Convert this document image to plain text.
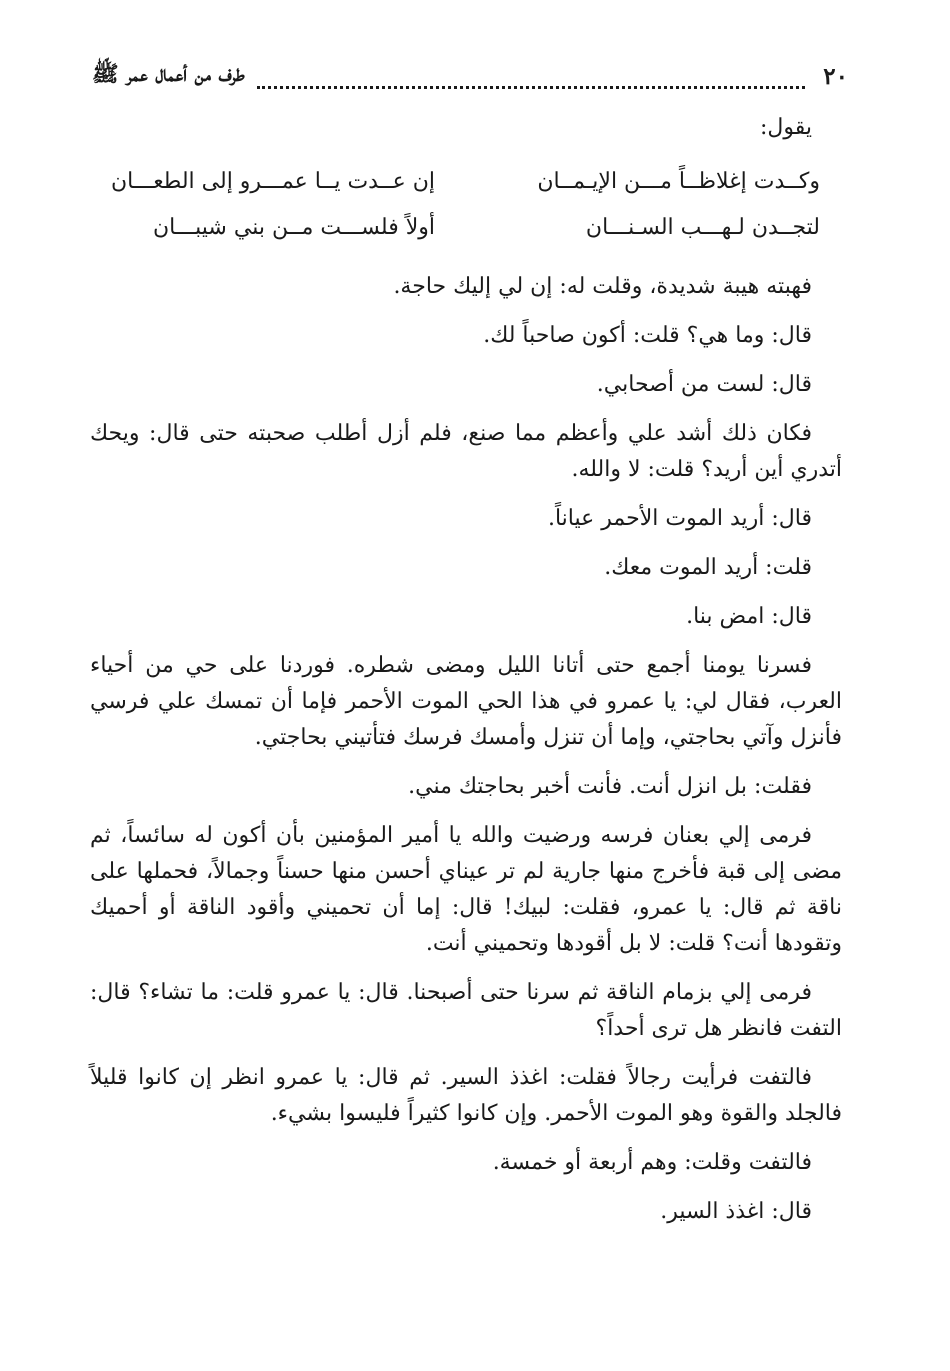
٢٠
طرف من أعمال عمر ﷺ

يقول:

وكــدت إغلاظــاً مـــن الإيـمــان
إن عــدت يــا عمـــرو إلى الطعـــان
لتجــدن لـهـــب السـنـــان
أولاً فلســـت مــن بني شيبـــان

فهبته هيبة شديدة، وقلت له: إن لي إليك حاجة.

قال: وما هي؟ قلت: أكون صاحباً لك.

قال: لست من أصحابي.

فكان ذلك أشد علي وأعظم مما صنع، فلم أزل أطلب صحبته حتى قال: ويحك أتدري أين أريد؟ قلت: لا والله.

قال: أريد الموت الأحمر عياناً.

قلت: أريد الموت معك.

قال: امض بنا.

فسرنا يومنا أجمع حتى أتانا الليل ومضى شطره. فوردنا على حي من أحياء العرب، فقال لي: يا عمرو في هذا الحي الموت الأحمر فإما أن تمسك علي فرسي فأنزل وآتي بحاجتي، وإما أن تنزل وأمسك فرسك فتأتيني بحاجتي.

فقلت: بل انزل أنت. فأنت أخبر بحاجتك مني.

فرمى إلي بعنان فرسه ورضيت والله يا أمير المؤمنين بأن أكون له سائساً، ثم مضى إلى قبة فأخرج منها جارية لم تر عيناي أحسن منها حسناً وجمالاً، فحملها على ناقة ثم قال: يا عمرو، فقلت: لبيك! قال: إما أن تحميني وأقود الناقة أو أحميك وتقودها أنت؟ قلت: لا بل أقودها وتحميني أنت.

فرمى إلي بزمام الناقة ثم سرنا حتى أصبحنا. قال: يا عمرو قلت: ما تشاء؟ قال: التفت فانظر هل ترى أحداً؟

فالتفت فرأيت رجالاً فقلت: اغذذ السير. ثم قال: يا عمرو انظر إن كانوا قليلاً فالجلد والقوة وهو الموت الأحمر. وإن كانوا كثيراً فليسوا بشيء.

فالتفت وقلت: وهم أربعة أو خمسة.

قال: اغذذ السير.
